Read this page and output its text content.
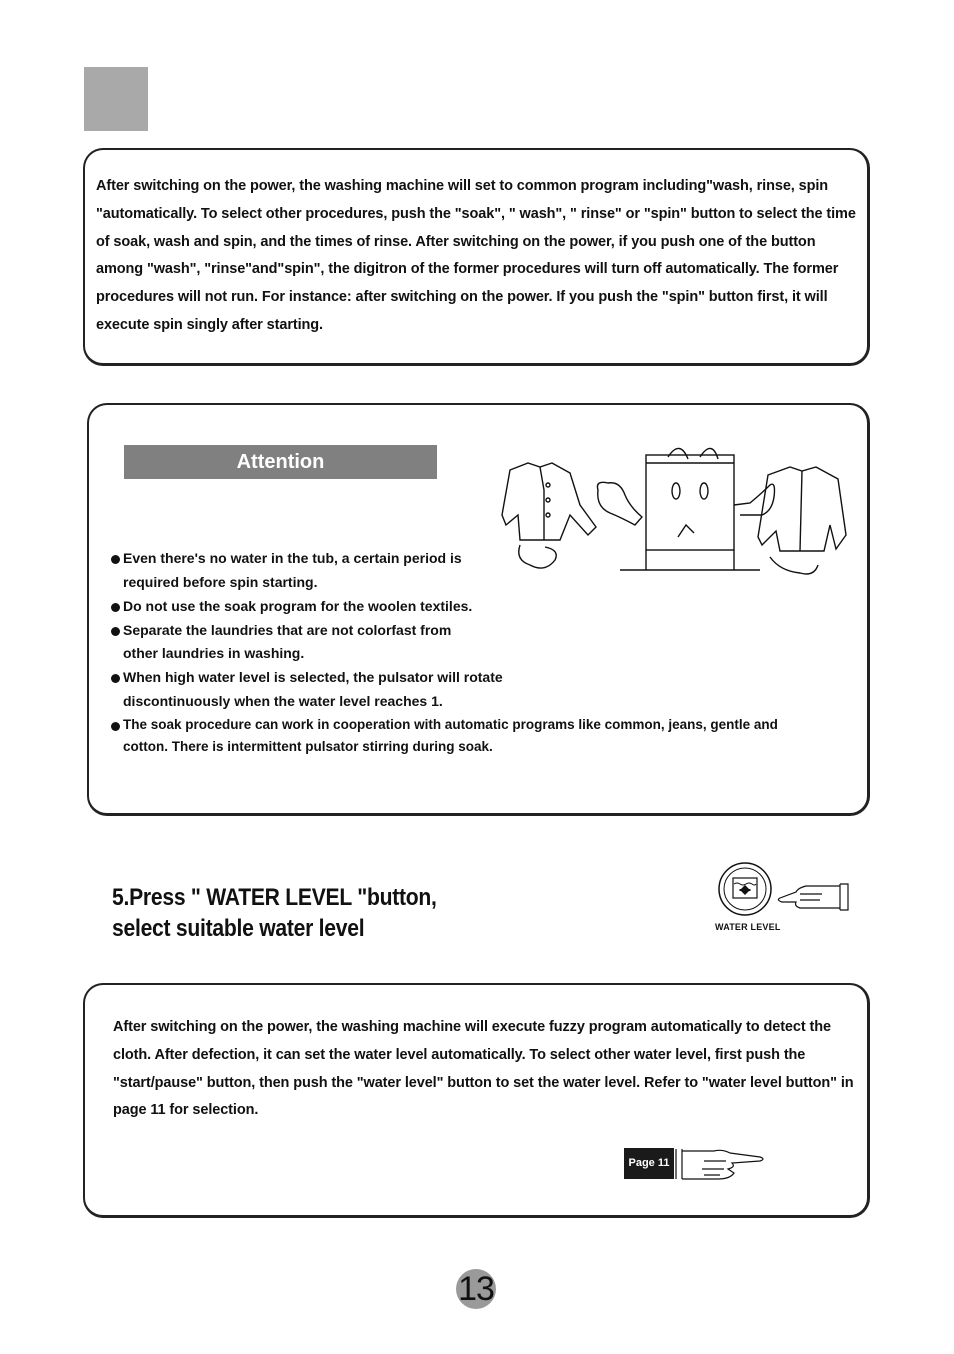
After switching on the power, the washing machine will set to common program including"wash, rinse, spin "automatically. To select other procedures, push the "soak", " wash", " rinse" or "spin" button to select the time of soak, wash and spin, and the times of rinse. After switching on the power, if you push one of the button among "wash", "rinse"and"spin", the digitron of the former procedures will turn off automatically. The former procedures will not run. For instance: after switching on the power. If you push the "spin" button first, it will execute spin singly after starting.

Attention
Even there's no water in the tub, a certain period is required before spin starting.
Do not use the soak program for the woolen textiles.
Separate the laundries that are not colorfast from other laundries in washing.
When high water level is selected, the pulsator will rotate discontinuously when the water level reaches 1.
The soak procedure can work in cooperation with automatic programs like common, jeans, gentle and cotton. There is intermittent pulsator stirring during soak.
5.Press " WATER LEVEL "button,
select suitable water level	WATER LEVEL

After switching on the power, the washing machine will execute fuzzy program automatically to detect the cloth. After defection, it can set the water level automatically. To select other water level, first push the "start/pause" button, then push the "water level" button to set the water level. Refer to "water level button" in page 11 for selection.

Page 11
13
